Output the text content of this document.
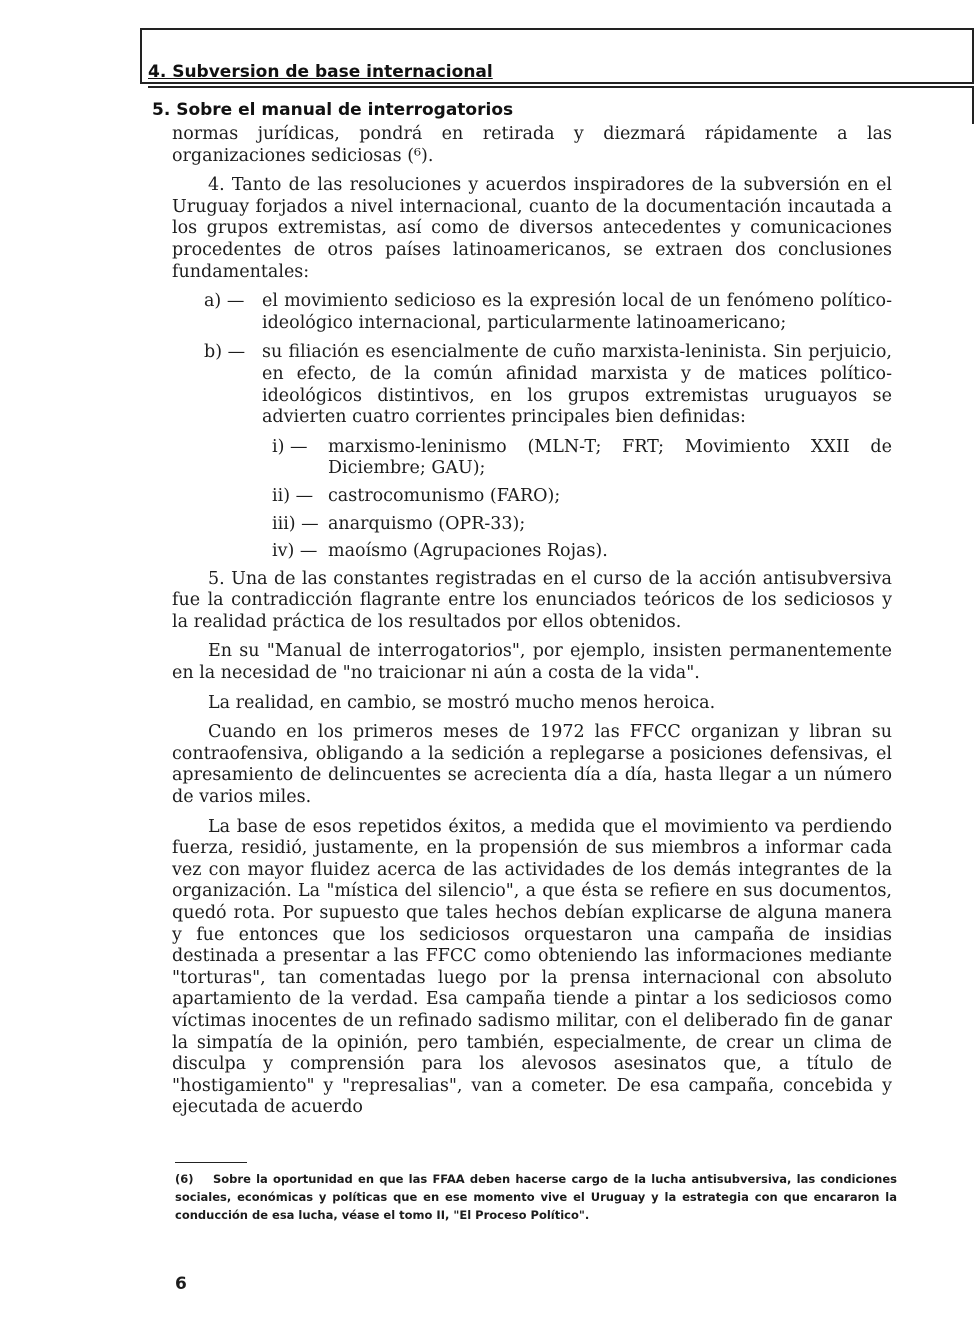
4. Subversion de base internacional
5. Sobre el manual de interrogatorios

normas jurídicas, pondrá en retirada y diezmará rápidamente a las organizaciones sediciosas (⁶).

4. Tanto de las resoluciones y acuerdos inspiradores de la subversión en el Uruguay forjados a nivel internacional, cuanto de la documentación incautada a los grupos extremistas, así como de diversos antecedentes y comunicaciones procedentes de otros países latinoamericanos, se extraen dos conclusiones fundamentales:

a) —	el movimiento sedicioso es la expresión local de un fenómeno político-ideológico internacional, particularmente latinoamericano;
b) — su filiación es esencialmente de cuño marxista-leninista. Sin perjuicio, en efecto, de la común afinidad marxista y de matices político-ideológicos distintivos, en los grupos extremistas uruguayos se advierten cuatro corrientes principales bien definidas:
i) —	marxismo-leninismo (MLN-T; FRT; Movimiento XXII de Diciembre; GAU);
ii) — castrocomunismo (FARO);
iii) — anarquismo (OPR-33);
iv) — maoísmo (Agrupaciones Rojas).

5. Una de las constantes registradas en el curso de la acción antisubversiva fue la contradicción flagrante entre los enunciados teóricos de los sediciosos y la realidad práctica de los resultados por ellos obtenidos.

En su "Manual de interrogatorios", por ejemplo, insisten permanentemente en la necesidad de "no traicionar ni aún a costa de la vida".

La realidad, en cambio, se mostró mucho menos heroica.

Cuando en los primeros meses de 1972 las FFCC organizan y libran su contraofensiva, obligando a la sedición a replegarse a posiciones defensivas, el apresamiento de delincuentes se acrecienta día a día, hasta llegar a un número de varios miles.

La base de esos repetidos éxitos, a medida que el movimiento va perdiendo fuerza, residió, justamente, en la propensión de sus miembros a informar cada vez con mayor fluidez acerca de las actividades de los demás integrantes de la organización. La "mística del silencio", a que ésta se refiere en sus documentos, quedó rota. Por supuesto que tales hechos debían explicarse de alguna manera y fue entonces que los sediciosos orquestaron una campaña de insidias destinada a presentar a las FFCC como obteniendo las informaciones mediante "torturas", tan comentadas luego por la prensa internacional con absoluto apartamiento de la verdad. Esa campaña tiende a pintar a los sediciosos como víctimas inocentes de un refinado sadismo militar, con el deliberado fin de ganar la simpatía de la opinión, pero también, especialmente, de crear un clima de disculpa y comprensión para los alevosos asesinatos que, a título de "hostigamiento" y "represalias", van a cometer. De esa campaña, concebida y ejecutada de acuerdo

(6) Sobre la oportunidad en que las FFAA deben hacerse cargo de la lucha antisubversiva, las condiciones sociales, económicas y políticas que en ese momento vive el Uruguay y la estrategia con que encararon la conducción de esa lucha, véase el tomo II, "El Proceso Político".
6
